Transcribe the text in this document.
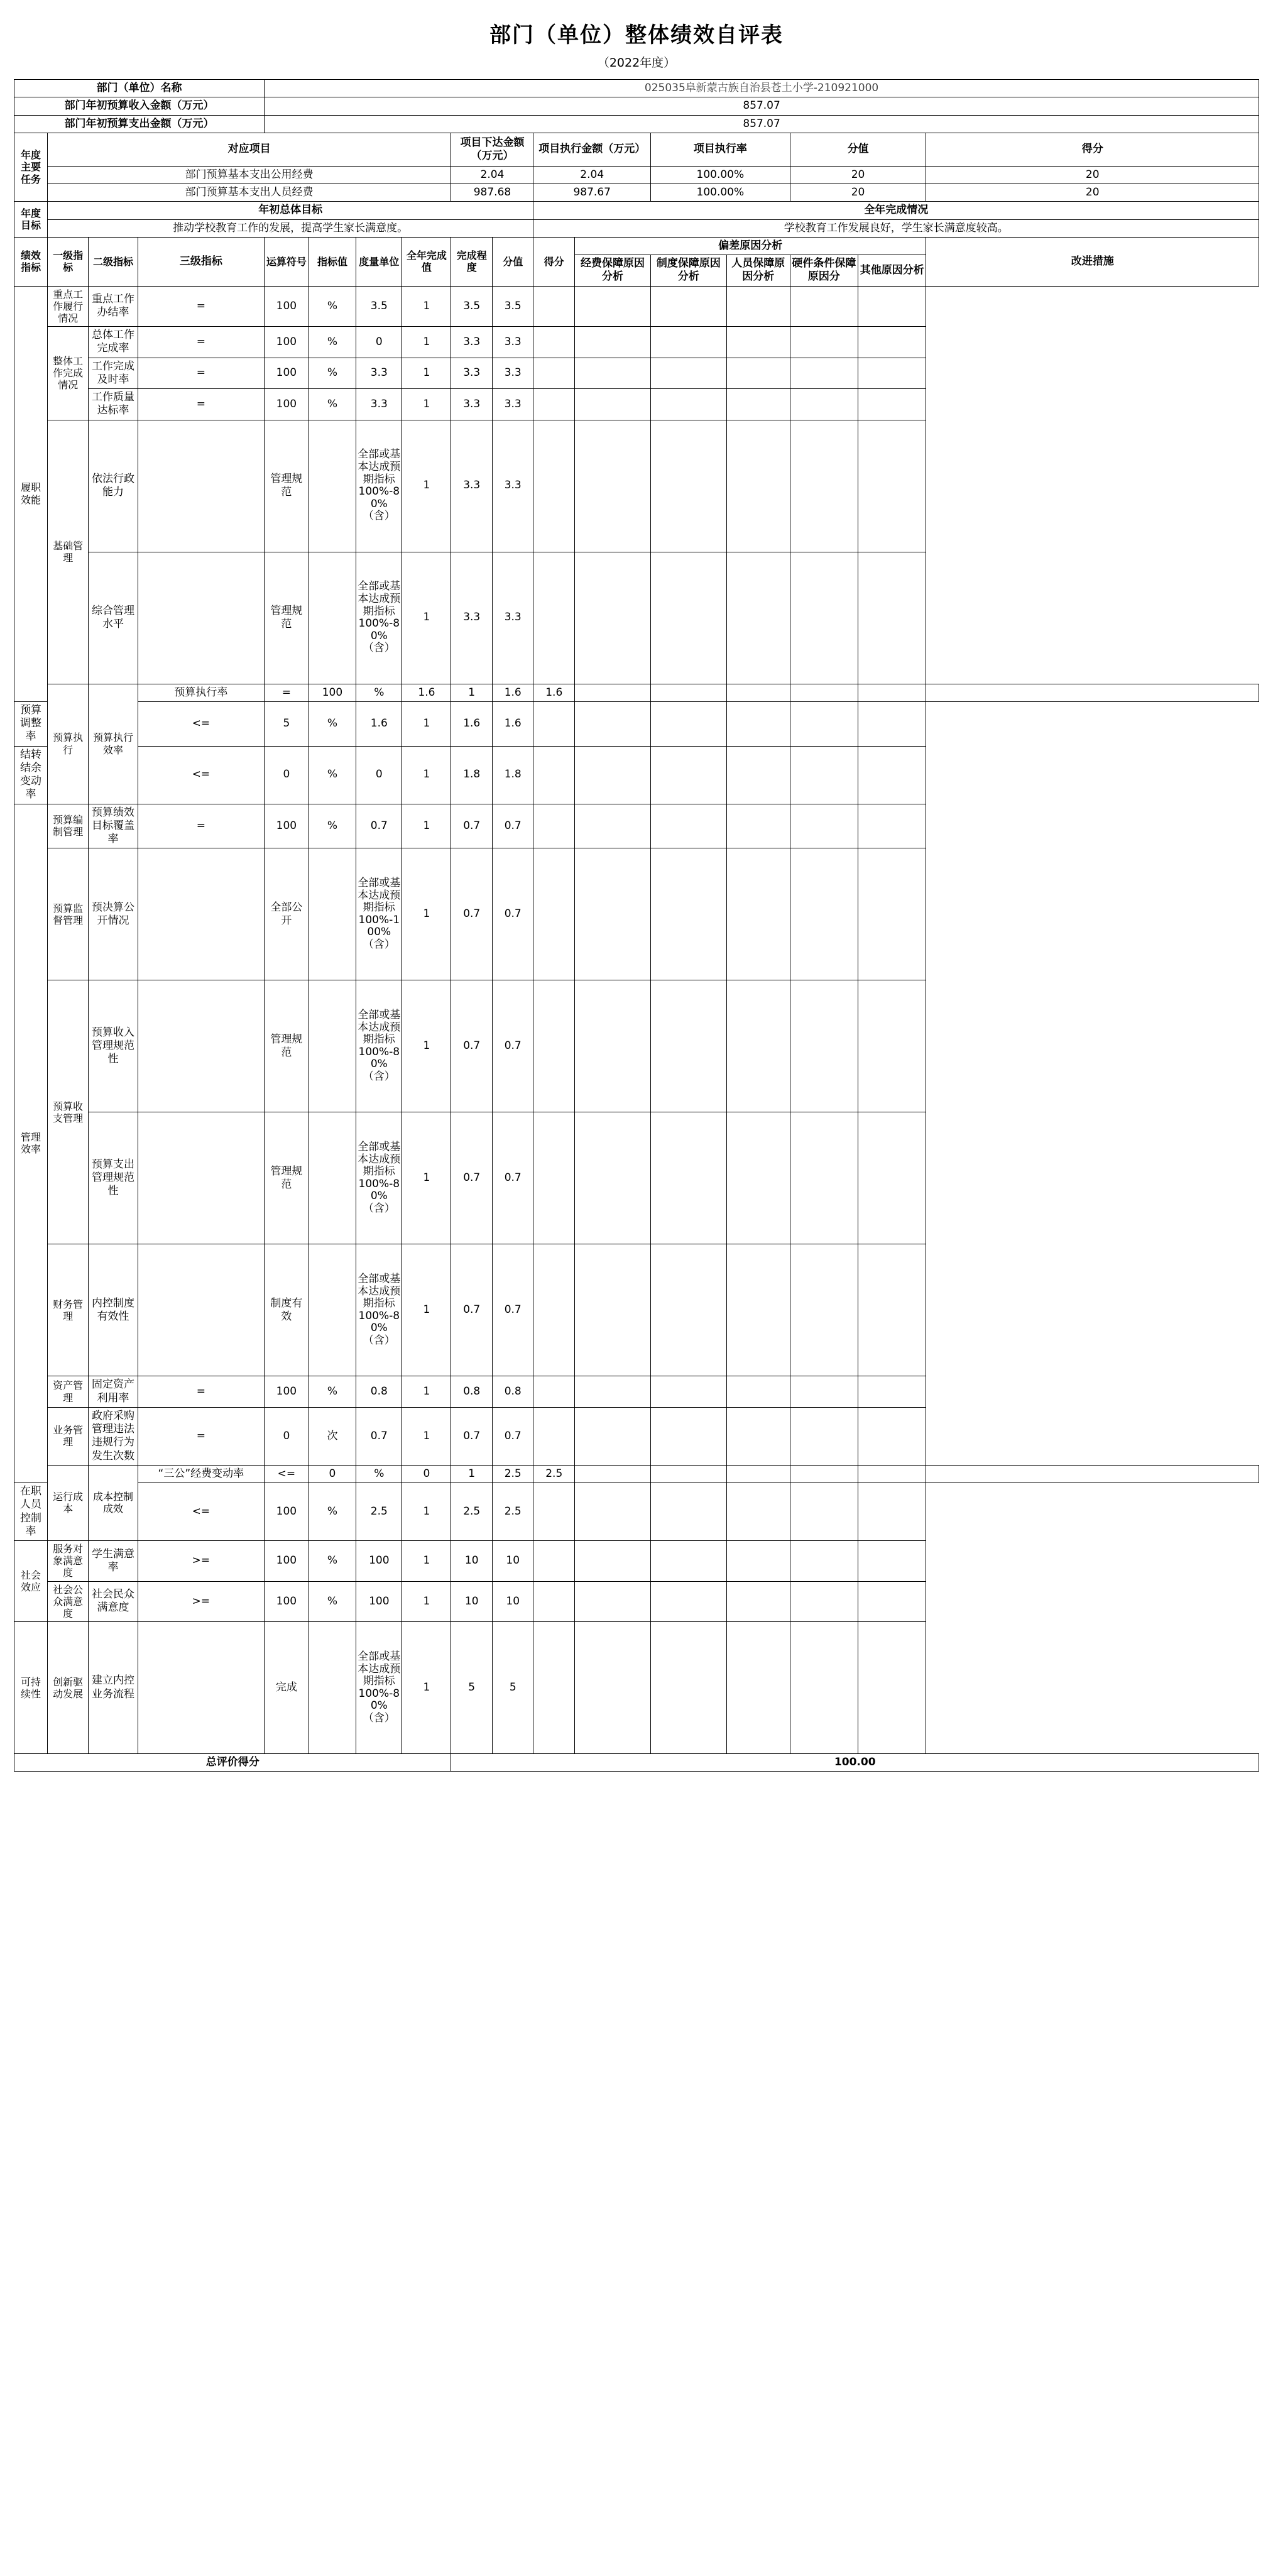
部门（单位）整体绩效自评表
（2022年度）
部门（单位）名称				025035阜新蒙古族自治县苍土小学-210921000												
部门年初预算收入金额（万元）				857.07												
部门年初预算支出金额（万元）				857.07												

年度主要任务	对应项目							项目下达金额（万元）		项目执行金额（万元）		项目执行率		分值		得分
	部门预算基本支出公用经费							2.04		2.04		100.00%		20		20
	部门预算基本支出人员经费							987.68		987.67		100.00%		20		20

年度目标	年初总体目标									全年完成情况						
	推动学校教育工作的发展，提高学生家长满意度。									学校教育工作发展良好，学生家长满意度较高。						

绩效指标	一级指标	二级指标	三级指标	运算符号	指标值	度量单位	全年完成值	完成程度	分值	得分	偏差原因分析					改进措施
											经费保障原因分析	制度保障原因分析	人员保障原因分析	硬件条件保障原因分	其他原因分析	

履职效能	重点工作履行情况	重点工作办结率	=	100	%	3.5	1	3.5	3.5							

	整体工作完成情况	总体工作完成率	=	100	%	0	1	3.3	3.3							
		工作完成及时率	=	100	%	3.3	1	3.3	3.3							
		工作质量达标率	=	100	%	3.3	1	3.3	3.3							

	基础管理	依法行政能力		管理规范		全部或基本达成预期指标100%-80%（含）	1	3.3	3.3							
		综合管理水平		管理规范		全部或基本达成预期指标100%-80%（含）	1	3.3	3.3							

	预算执行	预算执行效率	预算执行率	=	100	%	1.6	1	1.6	1.6						
预算调整率			<=	5	%	1.6	1	1.6	1.6							
结转结余变动率			<=	0	%	0	1	1.8	1.8							

管理效率	预算编制管理	预算绩效目标覆盖率	=	100	%	0.7	1	0.7	0.7							

	预算监督管理	预决算公开情况		全部公开		全部或基本达成预期指标100%-100%（含）	1	0.7	0.7							

	预算收支管理	预算收入管理规范性		管理规范		全部或基本达成预期指标100%-80%（含）	1	0.7	0.7							
		预算支出管理规范性		管理规范		全部或基本达成预期指标100%-80%（含）	1	0.7	0.7							

	财务管理	内控制度有效性		制度有效		全部或基本达成预期指标100%-80%（含）	1	0.7	0.7							

	资产管理	固定资产利用率	=	100	%	0.8	1	0.8	0.8							

	业务管理	政府采购管理违法违规行为发生次数	=	0	次	0.7	1	0.7	0.7							

	运行成本	成本控制成效	“三公”经费变动率	<=	0	%	0	1	2.5	2.5						
在职人员控制率			<=	100	%	2.5	1	2.5	2.5							

社会效应	服务对象满意度	学生满意率	>=	100	%	100	1	10	10							

	社会公众满意度	社会民众满意度	>=	100	%	100	1	10	10							

可持续性	创新驱动发展	建立内控业务流程		完成		全部或基本达成预期指标100%-80%（含）	1	5	5							
总评价得分								100.00								
